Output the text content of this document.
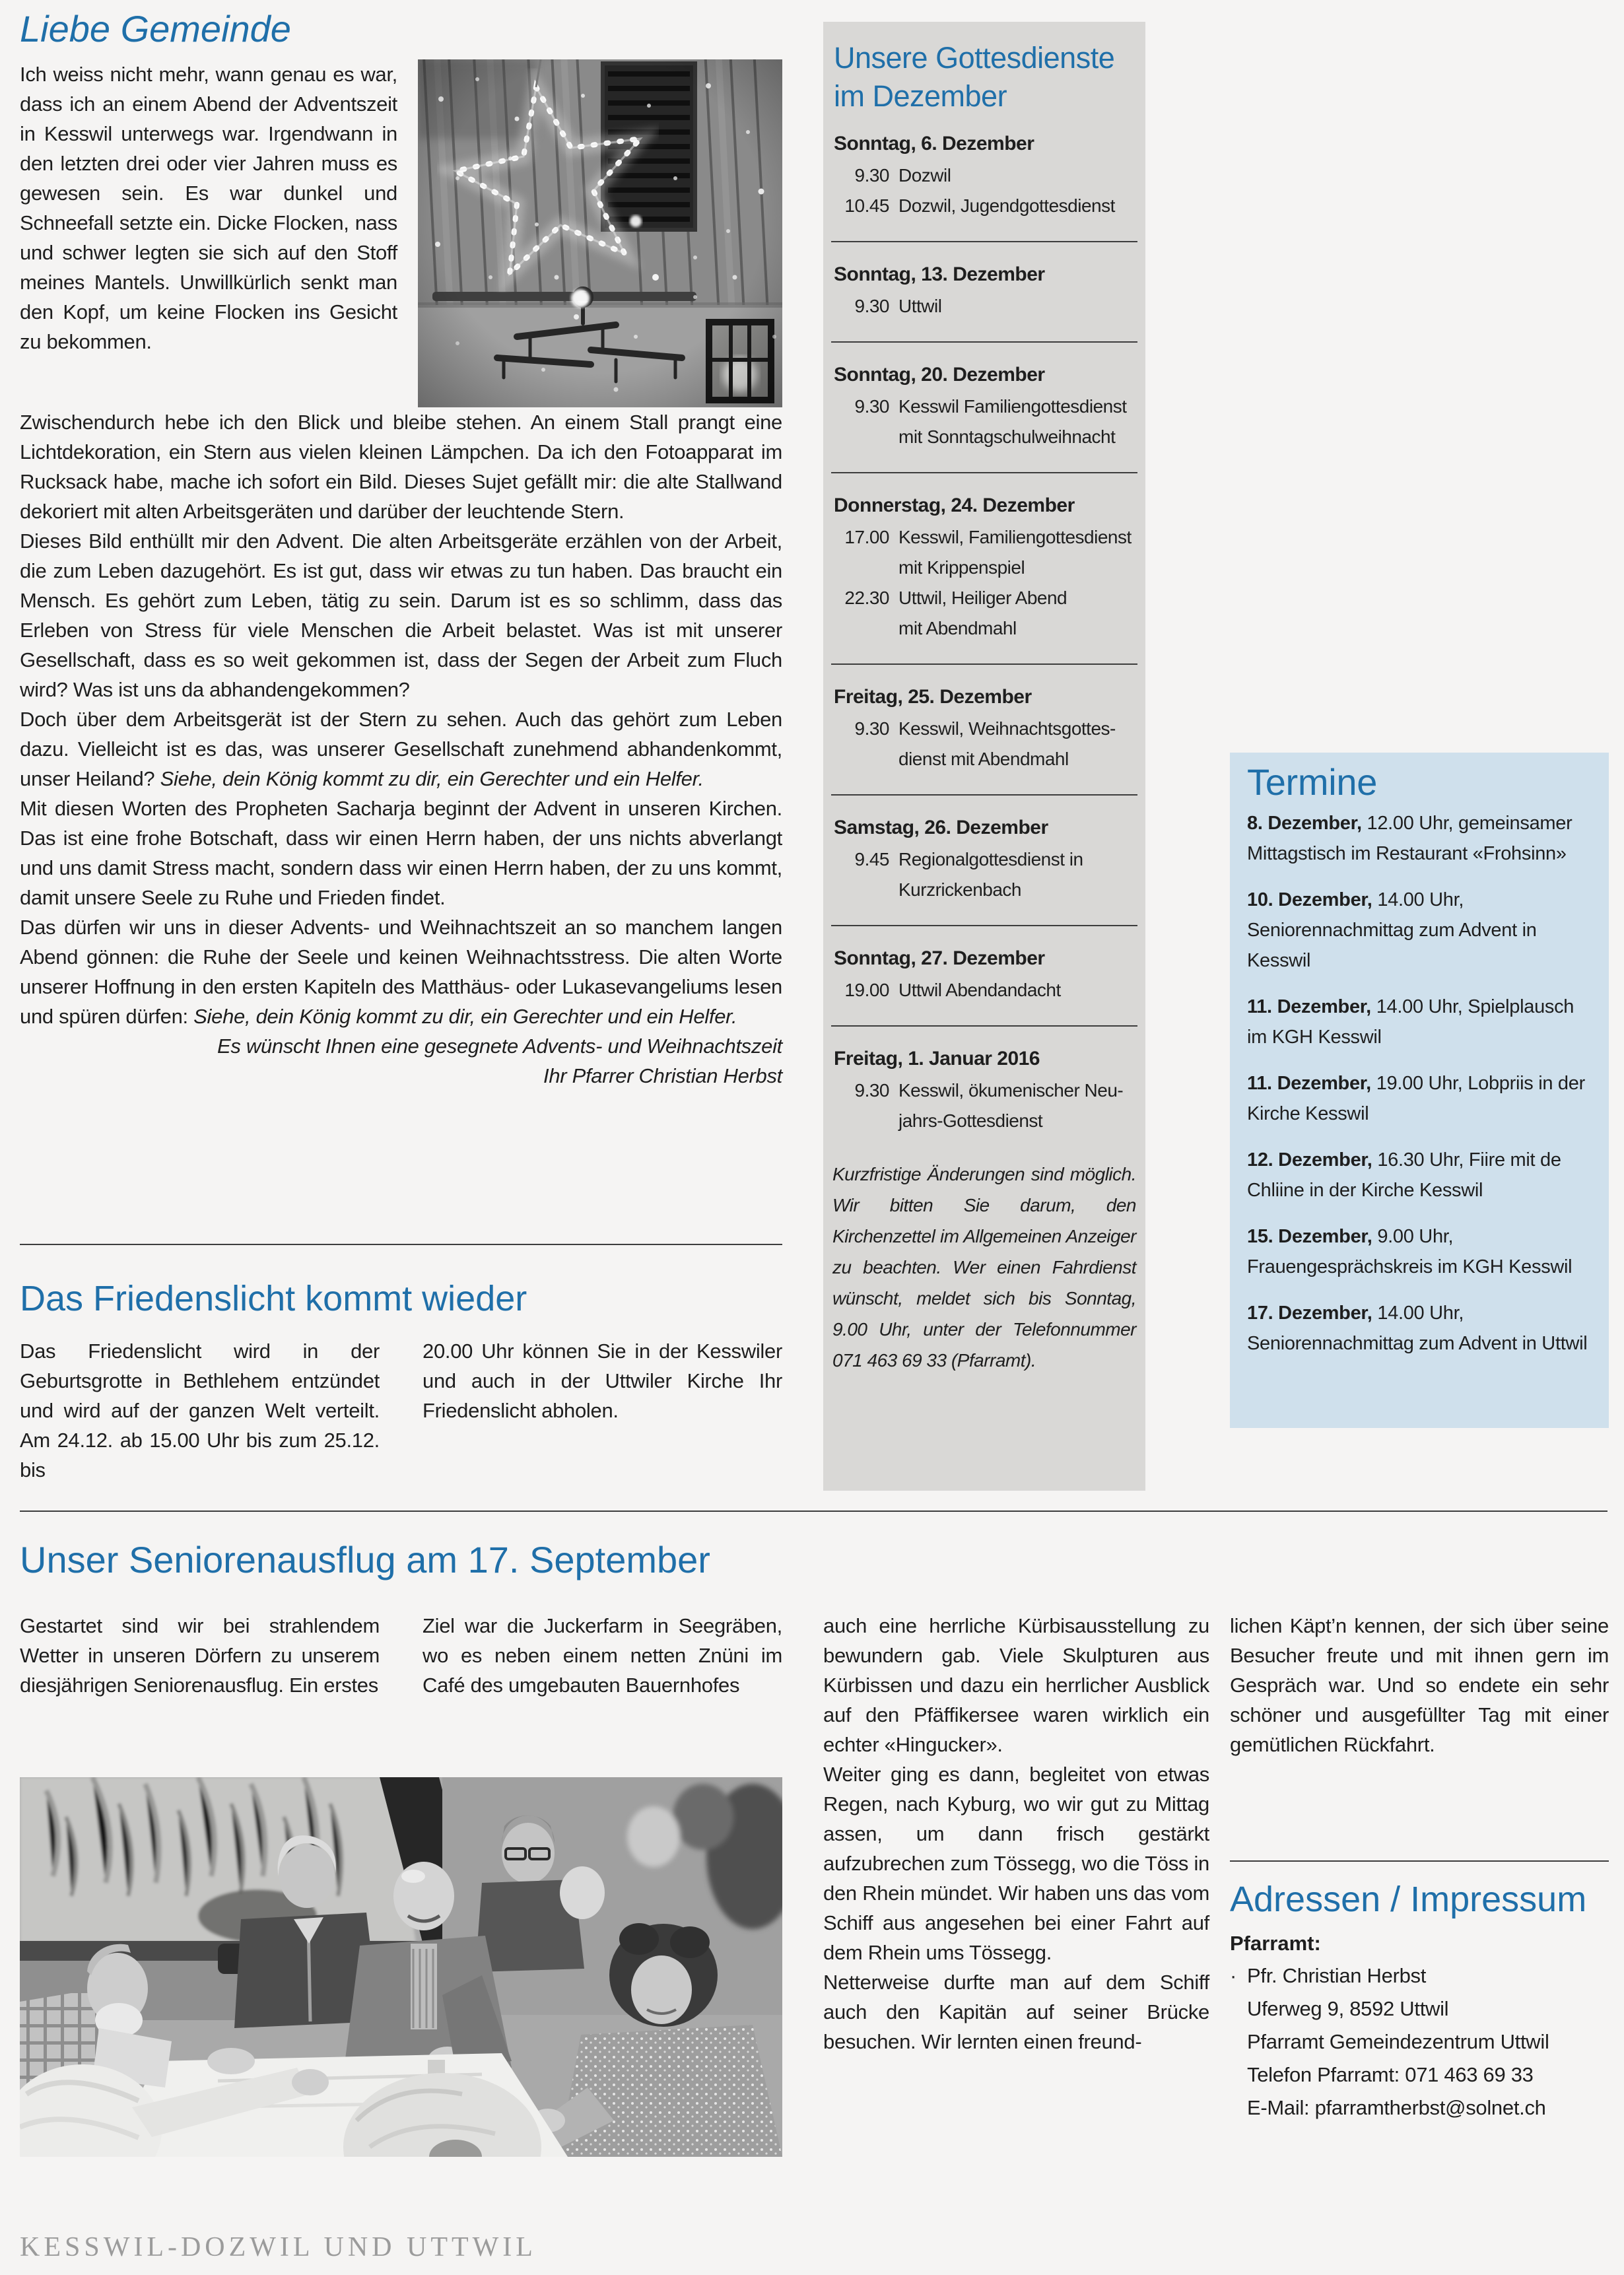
Liebe Gemeinde

Ich weiss nicht mehr, wann genau es war, dass ich an einem Abend der Adventszeit in Kesswil unterwegs war. Irgendwann in den letzten drei oder vier Jahren muss es gewesen sein. Es war dunkel und Schneefall setzte ein. Dicke Flocken, nass und schwer legten sie sich auf den Stoff meines Mantels. Unwillkürlich senkt man den Kopf, um keine Flocken ins Gesicht zu bekommen.

Zwischendurch hebe ich den Blick und bleibe stehen. An einem Stall prangt eine Lichtdekoration, ein Stern aus vielen kleinen Lämpchen. Da ich den Fotoapparat im Rucksack habe, mache ich sofort ein Bild. Dieses Sujet gefällt mir: die alte Stallwand dekoriert mit alten Arbeitsgeräten und darüber der leuchtende Stern.

Dieses Bild enthüllt mir den Advent. Die alten Arbeitsgeräte erzählen von der Arbeit, die zum Leben dazugehört. Es ist gut, dass wir etwas zu tun haben. Das braucht ein Mensch. Es gehört zum Leben, tätig zu sein. Darum ist es so schlimm, dass das Erleben von Stress für viele Menschen die Arbeit belastet. Was ist mit unserer Gesellschaft, dass es so weit gekommen ist, dass der Segen der Arbeit zum Fluch wird? Was ist uns da abhandengekommen?

Doch über dem Arbeitsgerät ist der Stern zu sehen. Auch das gehört zum Leben dazu. Vielleicht ist es das, was unserer Gesellschaft zunehmend abhandenkommt, unser Heiland? Siehe, dein König kommt zu dir, ein Gerechter und ein Helfer.

Mit diesen Worten des Propheten Sacharja beginnt der Advent in unseren Kirchen. Das ist eine frohe Botschaft, dass wir einen Herrn haben, der uns nichts abverlangt und uns damit Stress macht, sondern dass wir einen Herrn haben, der zu uns kommt, damit unsere Seele zu Ruhe und Frieden findet.

Das dürfen wir uns in dieser Advents- und Weihnachtszeit an so manchem langen Abend gönnen: die Ruhe der Seele und keinen Weihnachtsstress. Die alten Worte unserer Hoffnung in den ersten Kapiteln des Matthäus- oder Lukasevangeliums lesen und spüren dürfen: Siehe, dein König kommt zu dir, ein Gerechter und ein Helfer.

Es wünscht Ihnen eine gesegnete Advents- und Weihnachtszeit

Ihr Pfarrer Christian Herbst

Das Friedenslicht kommt wieder

Das Friedenslicht wird in der Geburtsgrotte in Bethlehem entzündet und wird auf der ganzen Welt verteilt. Am 24.12. ab 15.00 Uhr bis zum 25.12. bis

20.00 Uhr können Sie in der Kesswiler und auch in der Uttwiler Kirche Ihr Friedenslicht abholen.

Unsere Gottesdienste im Dezember
Sonntag, 6. Dezember
9.30 Dozwil
10.45 Dozwil, Jugendgottesdienst
Sonntag, 13. Dezember
9.30 Uttwil
Sonntag, 20. Dezember
9.30 Kesswil Familiengottesdienst
mit Sonntagschulweihnacht
Donnerstag, 24. Dezember
17.00 Kesswil, Familiengottesdienst
mit Krippenspiel
22.30 Uttwil, Heiliger Abend
mit Abendmahl
Freitag, 25. Dezember
9.30 Kesswil, Weihnachtsgottes-
dienst mit Abendmahl
Samstag, 26. Dezember
9.45 Regionalgottesdienst in
Kurzrickenbach
Sonntag, 27. Dezember
19.00 Uttwil Abendandacht
Freitag, 1. Januar 2016
9.30 Kesswil, ökumenischer Neu-
jahrs-Gottesdienst
Kurzfristige Änderungen sind möglich. Wir bitten Sie darum, den Kirchenzettel im Allgemeinen Anzeiger zu beachten. Wer einen Fahrdienst wünscht, meldet sich bis Sonntag, 9.00 Uhr, unter der Telefonnummer 071 463 69 33 (Pfarramt).
Termine

8. Dezember, 12.00 Uhr, gemeinsamer Mittagstisch im Restaurant «Frohsinn»

10. Dezember, 14.00 Uhr, Seniorennachmittag zum Advent in Kesswil

11. Dezember, 14.00 Uhr, Spielplausch im KGH Kesswil

11. Dezember, 19.00 Uhr, Lobpriis in der Kirche Kesswil

12. Dezember, 16.30 Uhr, Fiire mit de Chliine in der Kirche Kesswil

15. Dezember, 9.00 Uhr, Frauengesprächskreis im KGH Kesswil

17. Dezember, 14.00 Uhr, Seniorennachmittag zum Advent in Uttwil

Unser Seniorenausflug am 17. September

Gestartet sind wir bei strahlendem Wetter in unseren Dörfern zu unserem diesjährigen Seniorenausflug. Ein erstes

Ziel war die Juckerfarm in Seegräben, wo es neben einem netten Znüni im Café des umgebauten Bauernhofes

auch eine herrliche Kürbisausstellung zu bewundern gab. Viele Skulpturen aus Kürbissen und dazu ein herrlicher Ausblick auf den Pfäffikersee waren wirklich ein echter «Hingucker».

Weiter ging es dann, begleitet von etwas Regen, nach Kyburg, wo wir gut zu Mittag assen, um dann frisch gestärkt aufzubrechen zum Tössegg, wo die Töss in den Rhein mündet. Wir haben uns das vom Schiff aus angesehen bei einer Fahrt auf dem Rhein ums Tössegg.

Netterweise durfte man auf dem Schiff auch den Kapitän auf seiner Brücke besuchen. Wir lernten einen freund-

lichen Käpt’n kennen, der sich über seine Besucher freute und mit ihnen gern im Gespräch war. Und so endete ein sehr schöner und ausgefüllter Tag mit einer gemütlichen Rückfahrt.

Adressen / Impressum
Pfarramt:
· Pfr. Christian Herbst
Uferweg 9, 8592 Uttwil
Pfarramt Gemeindezentrum Uttwil
Telefon Pfarramt: 071 463 69 33
E-Mail: pfarramtherbst@solnet.ch
KESSWIL-DOZWIL UND UTTWIL
